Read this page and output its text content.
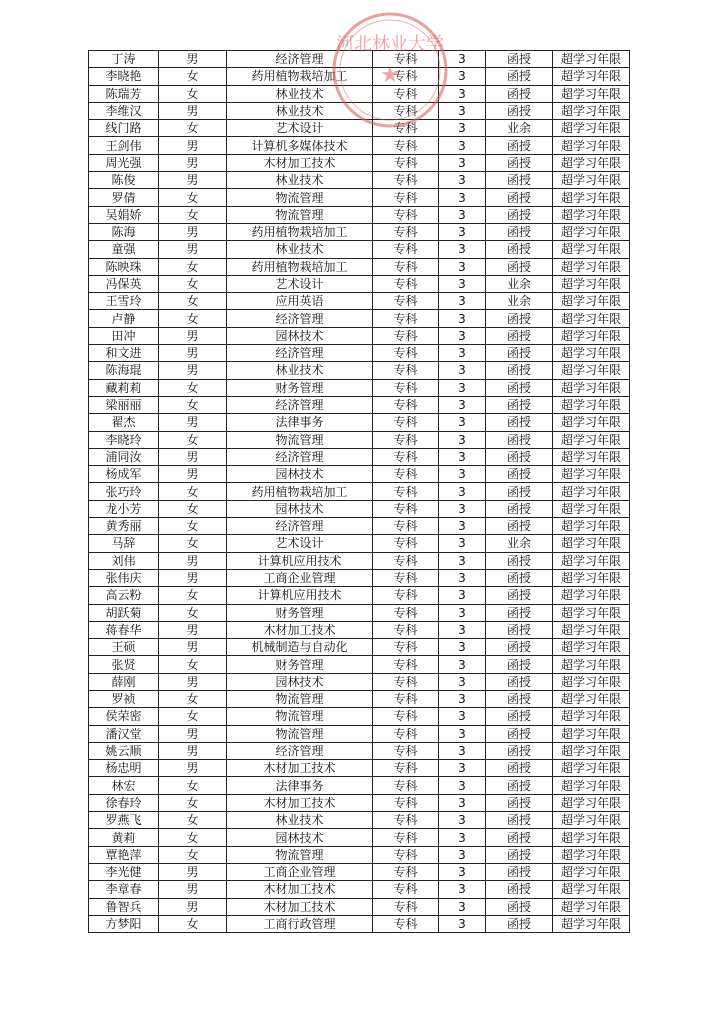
丁涛	男	经济管理	专科	3	函授	超学习年限
李晓艳	女	药用植物栽培加工	专科	3	函授	超学习年限
陈瑞芳	女	林业技术	专科	3	函授	超学习年限
李维汉	男	林业技术	专科	3	函授	超学习年限
线门路	女	艺术设计	专科	3	业余	超学习年限
王剑伟	男	计算机多媒体技术	专科	3	函授	超学习年限
周光强	男	木材加工技术	专科	3	函授	超学习年限
陈俊	男	林业技术	专科	3	函授	超学习年限
罗倩	女	物流管理	专科	3	函授	超学习年限
吴娟娇	女	物流管理	专科	3	函授	超学习年限
陈海	男	药用植物栽培加工	专科	3	函授	超学习年限
童强	男	林业技术	专科	3	函授	超学习年限
陈映珠	女	药用植物栽培加工	专科	3	函授	超学习年限
冯保英	女	艺术设计	专科	3	业余	超学习年限
王雪玲	女	应用英语	专科	3	业余	超学习年限
卢静	女	经济管理	专科	3	函授	超学习年限
田冲	男	园林技术	专科	3	函授	超学习年限
和文进	男	经济管理	专科	3	函授	超学习年限
陈海琨	男	林业技术	专科	3	函授	超学习年限
藏莉莉	女	财务管理	专科	3	函授	超学习年限
梁丽丽	女	经济管理	专科	3	函授	超学习年限
翟杰	男	法律事务	专科	3	函授	超学习年限
李晓玲	女	物流管理	专科	3	函授	超学习年限
浦同汝	男	经济管理	专科	3	函授	超学习年限
杨成军	男	园林技术	专科	3	函授	超学习年限
张巧玲	女	药用植物栽培加工	专科	3	函授	超学习年限
龙小芳	女	园林技术	专科	3	函授	超学习年限
黄秀丽	女	经济管理	专科	3	函授	超学习年限
马辞	女	艺术设计	专科	3	业余	超学习年限
刘伟	男	计算机应用技术	专科	3	函授	超学习年限
张伟庆	男	工商企业管理	专科	3	函授	超学习年限
高云粉	女	计算机应用技术	专科	3	函授	超学习年限
胡跃菊	女	财务管理	专科	3	函授	超学习年限
蒋春华	男	木材加工技术	专科	3	函授	超学习年限
王硕	男	机械制造与自动化	专科	3	函授	超学习年限
张贤	女	财务管理	专科	3	函授	超学习年限
薛刚	男	园林技术	专科	3	函授	超学习年限
罗祯	女	物流管理	专科	3	函授	超学习年限
侯荣密	女	物流管理	专科	3	函授	超学习年限
潘汉堂	男	物流管理	专科	3	函授	超学习年限
姚云顺	男	经济管理	专科	3	函授	超学习年限
杨忠明	男	木材加工技术	专科	3	函授	超学习年限
林宏	女	法律事务	专科	3	函授	超学习年限
徐春玲	女	木材加工技术	专科	3	函授	超学习年限
罗燕飞	女	林业技术	专科	3	函授	超学习年限
黄莉	女	园林技术	专科	3	函授	超学习年限
覃艳萍	女	物流管理	专科	3	函授	超学习年限
李光健	男	工商企业管理	专科	3	函授	超学习年限
李章春	男	木材加工技术	专科	3	函授	超学习年限
鲁智兵	男	木材加工技术	专科	3	函授	超学习年限
方梦阳	女	工商行政管理	专科	3	函授	超学习年限
河北林业大学
★
